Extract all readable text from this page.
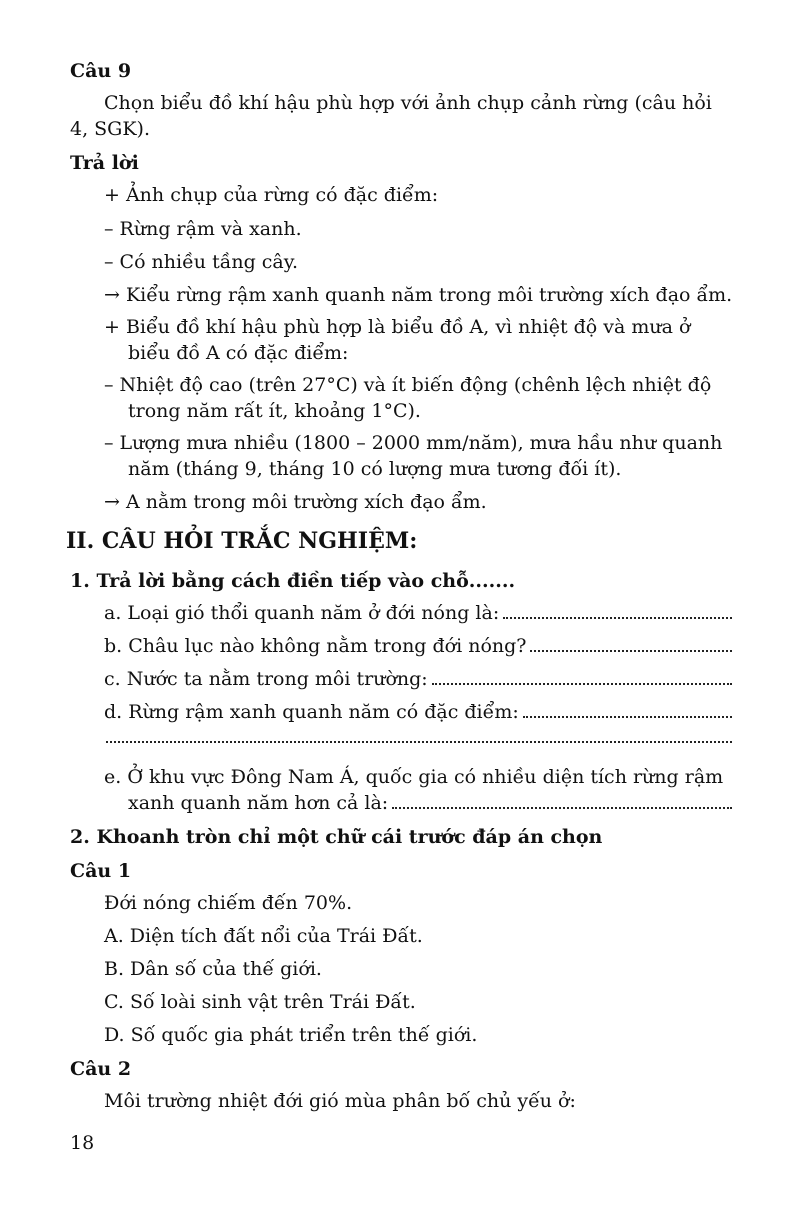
Câu 9
Chọn biểu đồ khí hậu phù hợp với ảnh chụp cảnh rừng (câu hỏi
4, SGK).
Trả lời
+ Ảnh chụp của rừng có đặc điểm:
– Rừng rậm và xanh.
– Có nhiều tầng cây.
→ Kiểu rừng rậm xanh quanh năm trong môi trường xích đạo ẩm.
+ Biểu đồ khí hậu phù hợp là biểu đồ A, vì nhiệt độ và mưa ở
biểu đồ A có đặc điểm:
– Nhiệt độ cao (trên 27°C) và ít biến động (chênh lệch nhiệt độ
trong năm rất ít, khoảng 1°C).
– Lượng mưa nhiều (1800 – 2000 mm/năm), mưa hầu như quanh
năm (tháng 9, tháng 10 có lượng mưa tương đối ít).
→ A nằm trong môi trường xích đạo ẩm.
II. CÂU HỎI TRẮC NGHIỆM:
1. Trả lời bằng cách điền tiếp vào chỗ.......
a. Loại gió thổi quanh năm ở đới nóng là:
b. Châu lục nào không nằm trong đới nóng?
c. Nước ta nằm trong môi trường:
d. Rừng rậm xanh quanh năm có đặc điểm:
e. Ở khu vực Đông Nam Á, quốc gia có nhiều diện tích rừng rậm
xanh quanh năm hơn cả là:
2. Khoanh tròn chỉ một chữ cái trước đáp án chọn
Câu 1
Đới nóng chiếm đến 70%.
A. Diện tích đất nổi của Trái Đất.
B. Dân số của thế giới.
C. Số loài sinh vật trên Trái Đất.
D. Số quốc gia phát triển trên thế giới.
Câu 2
Môi trường nhiệt đới gió mùa phân bố chủ yếu ở:
18
